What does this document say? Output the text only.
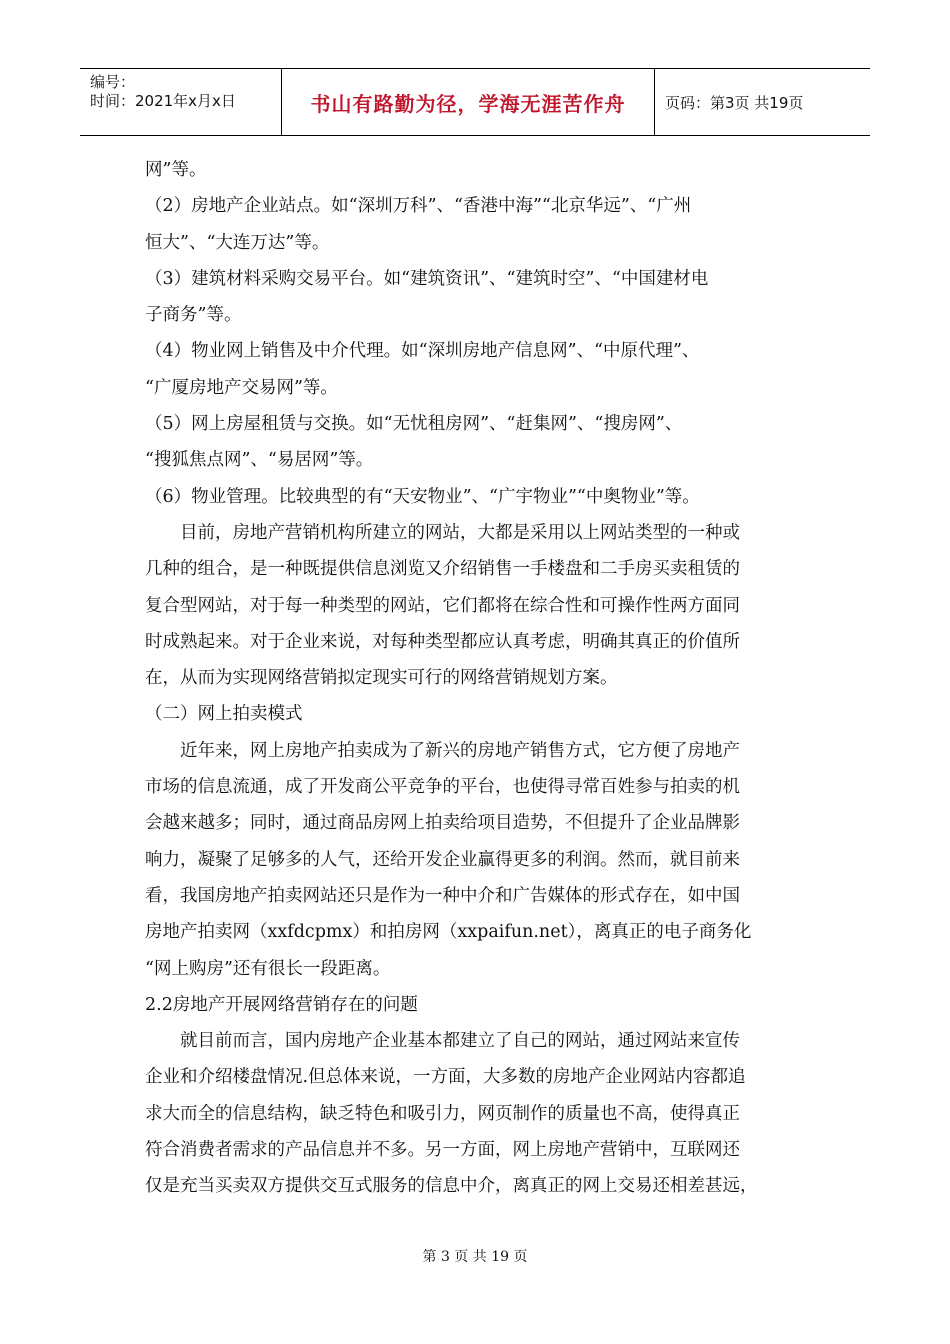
编号：
时间：2021年x月x日	书山有路勤为径，学海无涯苦作舟	页码：第3页 共19页
网”等。
（2）房地产企业站点。如“深圳万科”、“香港中海”“北京华远”、“广州
恒大”、“大连万达”等。
（3）建筑材料采购交易平台。如“建筑资讯”、“建筑时空”、“中国建材电
子商务”等。
（4）物业网上销售及中介代理。如“深圳房地产信息网”、“中原代理”、
“广厦房地产交易网”等。
（5）网上房屋租赁与交换。如“无忧租房网”、“赶集网”、“搜房网”、
“搜狐焦点网”、“易居网”等。
（6）物业管理。比较典型的有“天安物业”、“广宇物业”“中奥物业”等。
　　目前，房地产营销机构所建立的网站，大都是采用以上网站类型的一种或
几种的组合，是一种既提供信息浏览又介绍销售一手楼盘和二手房买卖租赁的
复合型网站，对于每一种类型的网站，它们都将在综合性和可操作性两方面同
时成熟起来。对于企业来说，对每种类型都应认真考虑，明确其真正的价值所
在，从而为实现网络营销拟定现实可行的网络营销规划方案。
（二）网上拍卖模式
　　近年来，网上房地产拍卖成为了新兴的房地产销售方式，它方便了房地产
市场的信息流通，成了开发商公平竞争的平台，也使得寻常百姓参与拍卖的机
会越来越多；同时，通过商品房网上拍卖给项目造势，不但提升了企业品牌影
响力，凝聚了足够多的人气，还给开发企业赢得更多的利润。然而，就目前来
看，我国房地产拍卖网站还只是作为一种中介和广告媒体的形式存在，如中国
房地产拍卖网（xxfdcpmx）和拍房网（xxpaifun.net），离真正的电子商务化
“网上购房”还有很长一段距离。
2.2房地产开展网络营销存在的问题
　　就目前而言，国内房地产企业基本都建立了自己的网站，通过网站来宣传
企业和介绍楼盘情况.但总体来说，一方面，大多数的房地产企业网站内容都追
求大而全的信息结构，缺乏特色和吸引力，网页制作的质量也不高，使得真正
符合消费者需求的产品信息并不多。另一方面，网上房地产营销中，互联网还
仅是充当买卖双方提供交互式服务的信息中介，离真正的网上交易还相差甚远，
第 3 页 共 19 页
